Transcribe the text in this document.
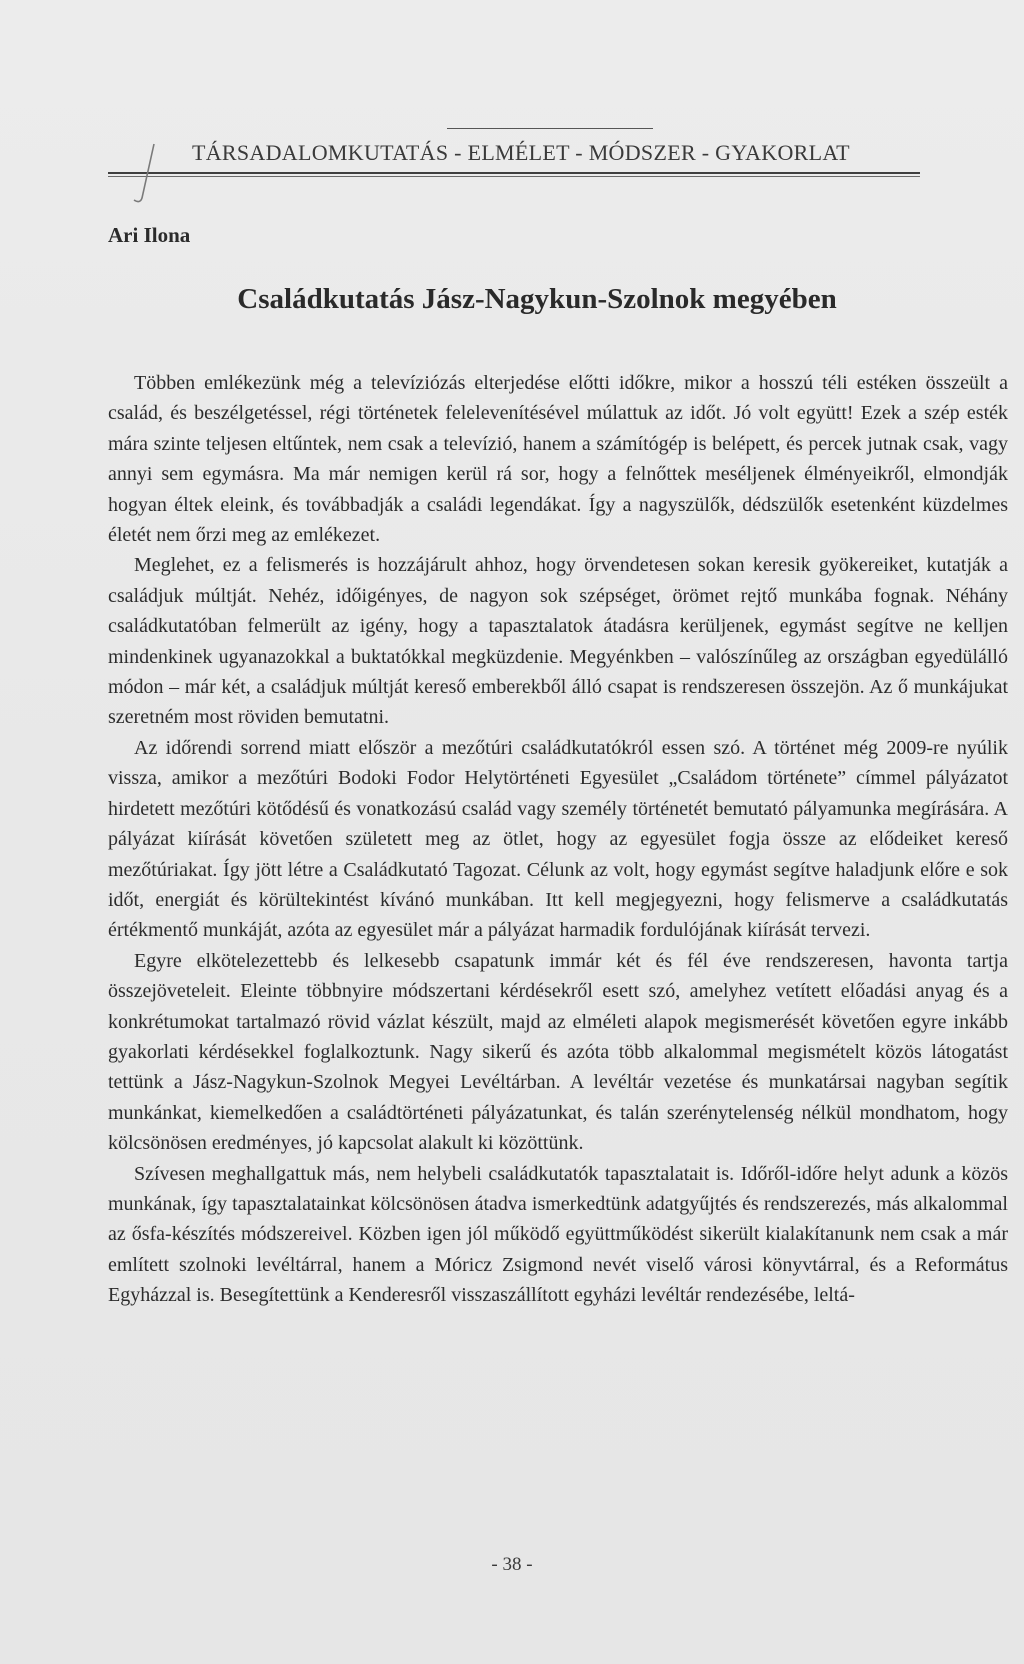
TÁRSADALOMKUTATÁS - ELMÉLET - MÓDSZER - GYAKORLAT
Ari Ilona
Családkutatás Jász-Nagykun-Szolnok megyében

Többen emlékezünk még a televíziózás elterjedése előtti időkre, mikor a hosszú téli estéken összeült a család, és beszélgetéssel, régi történetek felelevenítésével múlattuk az időt. Jó volt együtt! Ezek a szép esték mára szinte teljesen eltűntek, nem csak a televízió, hanem a számítógép is belépett, és percek jutnak csak, vagy annyi sem egymásra. Ma már nemigen kerül rá sor, hogy a felnőttek meséljenek élményeikről, elmondják hogyan éltek eleink, és továbbadják a családi legendákat. Így a nagyszülők, dédszülők esetenként küzdelmes életét nem őrzi meg az emlékezet.

Meglehet, ez a felismerés is hozzájárult ahhoz, hogy örvendetesen sokan keresik gyökereiket, kutatják a családjuk múltját. Nehéz, időigényes, de nagyon sok szépséget, örömet rejtő munkába fognak. Néhány családkutatóban felmerült az igény, hogy a tapasztalatok átadásra kerüljenek, egymást segítve ne kelljen mindenkinek ugyanazokkal a buktatókkal megküzdenie. Megyénkben – valószínűleg az országban egyedülálló módon – már két, a családjuk múltját kereső emberekből álló csapat is rendszeresen összejön. Az ő munkájukat szeretném most röviden bemutatni.

Az időrendi sorrend miatt először a mezőtúri családkutatókról essen szó. A történet még 2009-re nyúlik vissza, amikor a mezőtúri Bodoki Fodor Helytörténeti Egyesület „Családom története” címmel pályázatot hirdetett mezőtúri kötődésű és vonatkozású család vagy személy történetét bemutató pályamunka megírására. A pályázat kiírását követően született meg az ötlet, hogy az egyesület fogja össze az elődeiket kereső mezőtúriakat. Így jött létre a Családkutató Tagozat. Célunk az volt, hogy egymást segítve haladjunk előre e sok időt, energiát és körültekintést kívánó munkában. Itt kell megjegyezni, hogy felismerve a családkutatás értékmentő munkáját, azóta az egyesület már a pályázat harmadik fordulójának kiírását tervezi.

Egyre elkötelezettebb és lelkesebb csapatunk immár két és fél éve rendszeresen, havonta tartja összejöveteleit. Eleinte többnyire módszertani kérdésekről esett szó, amelyhez vetített előadási anyag és a konkrétumokat tartalmazó rövid vázlat készült, majd az elméleti alapok megismerését követően egyre inkább gyakorlati kérdésekkel foglalkoztunk. Nagy sikerű és azóta több alkalommal megismételt közös látogatást tettünk a Jász-Nagykun-Szolnok Megyei Levéltárban. A levéltár vezetése és munkatársai nagyban segítik munkánkat, kiemelkedően a családtörténeti pályázatunkat, és talán szerénytelenség nélkül mondhatom, hogy kölcsönösen eredményes, jó kapcsolat alakult ki közöttünk.

Szívesen meghallgattuk más, nem helybeli családkutatók tapasztalatait is. Időről-időre helyt adunk a közös munkának, így tapasztalatainkat kölcsönösen átadva ismerkedtünk adatgyűjtés és rendszerezés, más alkalommal az ősfa-készítés módszereivel. Közben igen jól működő együttműködést sikerült kialakítanunk nem csak a már említett szolnoki levéltárral, hanem a Móricz Zsigmond nevét viselő városi könyvtárral, és a Református Egyházzal is. Besegítettünk a Kenderesről visszaszállított egyházi levéltár rendezésébe, leltá-

- 38 -
